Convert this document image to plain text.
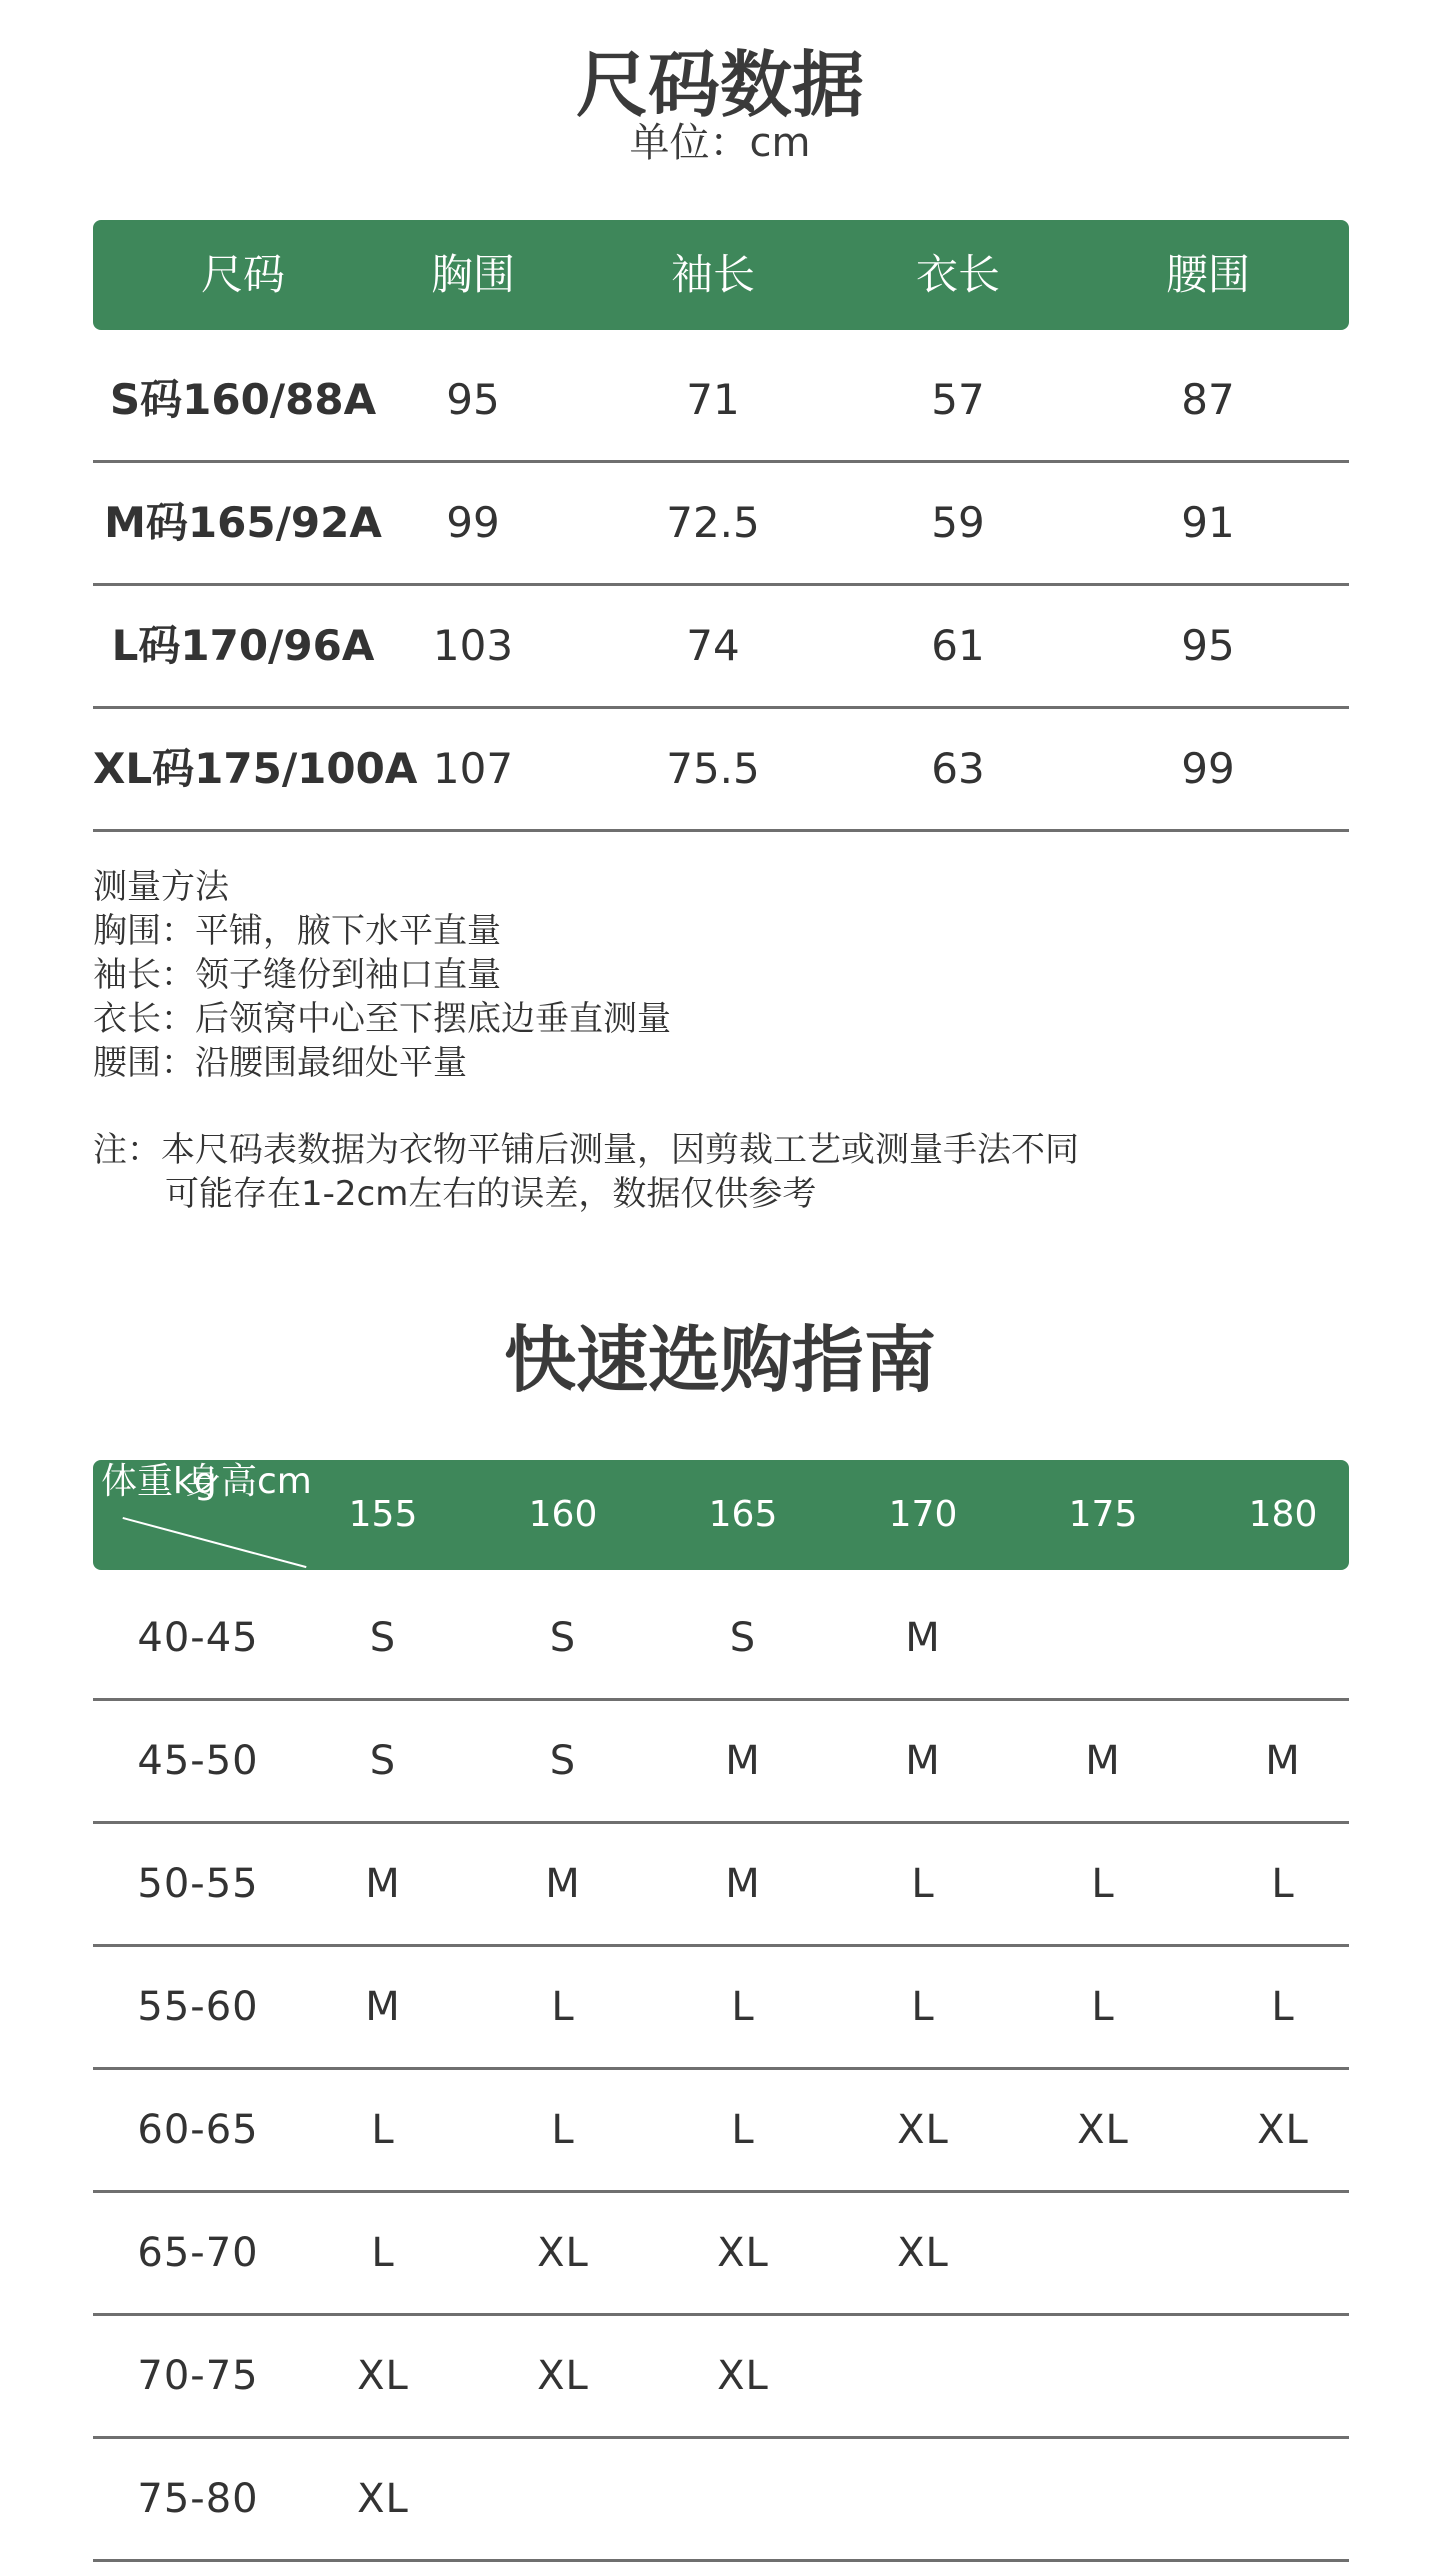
尺码数据
单位：cm
尺码	胸围	袖长	衣长	腰围
S码160/88A	95	71	57	87
M码165/92A	99	72.5	59	91
L码170/96A	103	74	61	95
XL码175/100A 107	75.5	63	99
测量方法
胸围：平铺，腋下水平直量
袖长：领子缝份到袖口直量
衣长：后领窝中心至下摆底边垂直测量
腰围：沿腰围最细处平量
注：本尺码表数据为衣物平铺后测量，因剪裁工艺或测量手法不同
可能存在1-2cm左右的误差，数据仅供参考
快速选购指南
身高cm
体重kg
155	160	165	170	175	180
40-45	S	S	S	M
45-50	S	S	M	M	M	M
50-55	M	M	M	L	L	L
55-60	M	L	L	L	L	L
60-65	L	L	L	XL	XL	XL
65-70	L	XL	XL	XL
70-75	XL	XL	XL
75-80	XL
